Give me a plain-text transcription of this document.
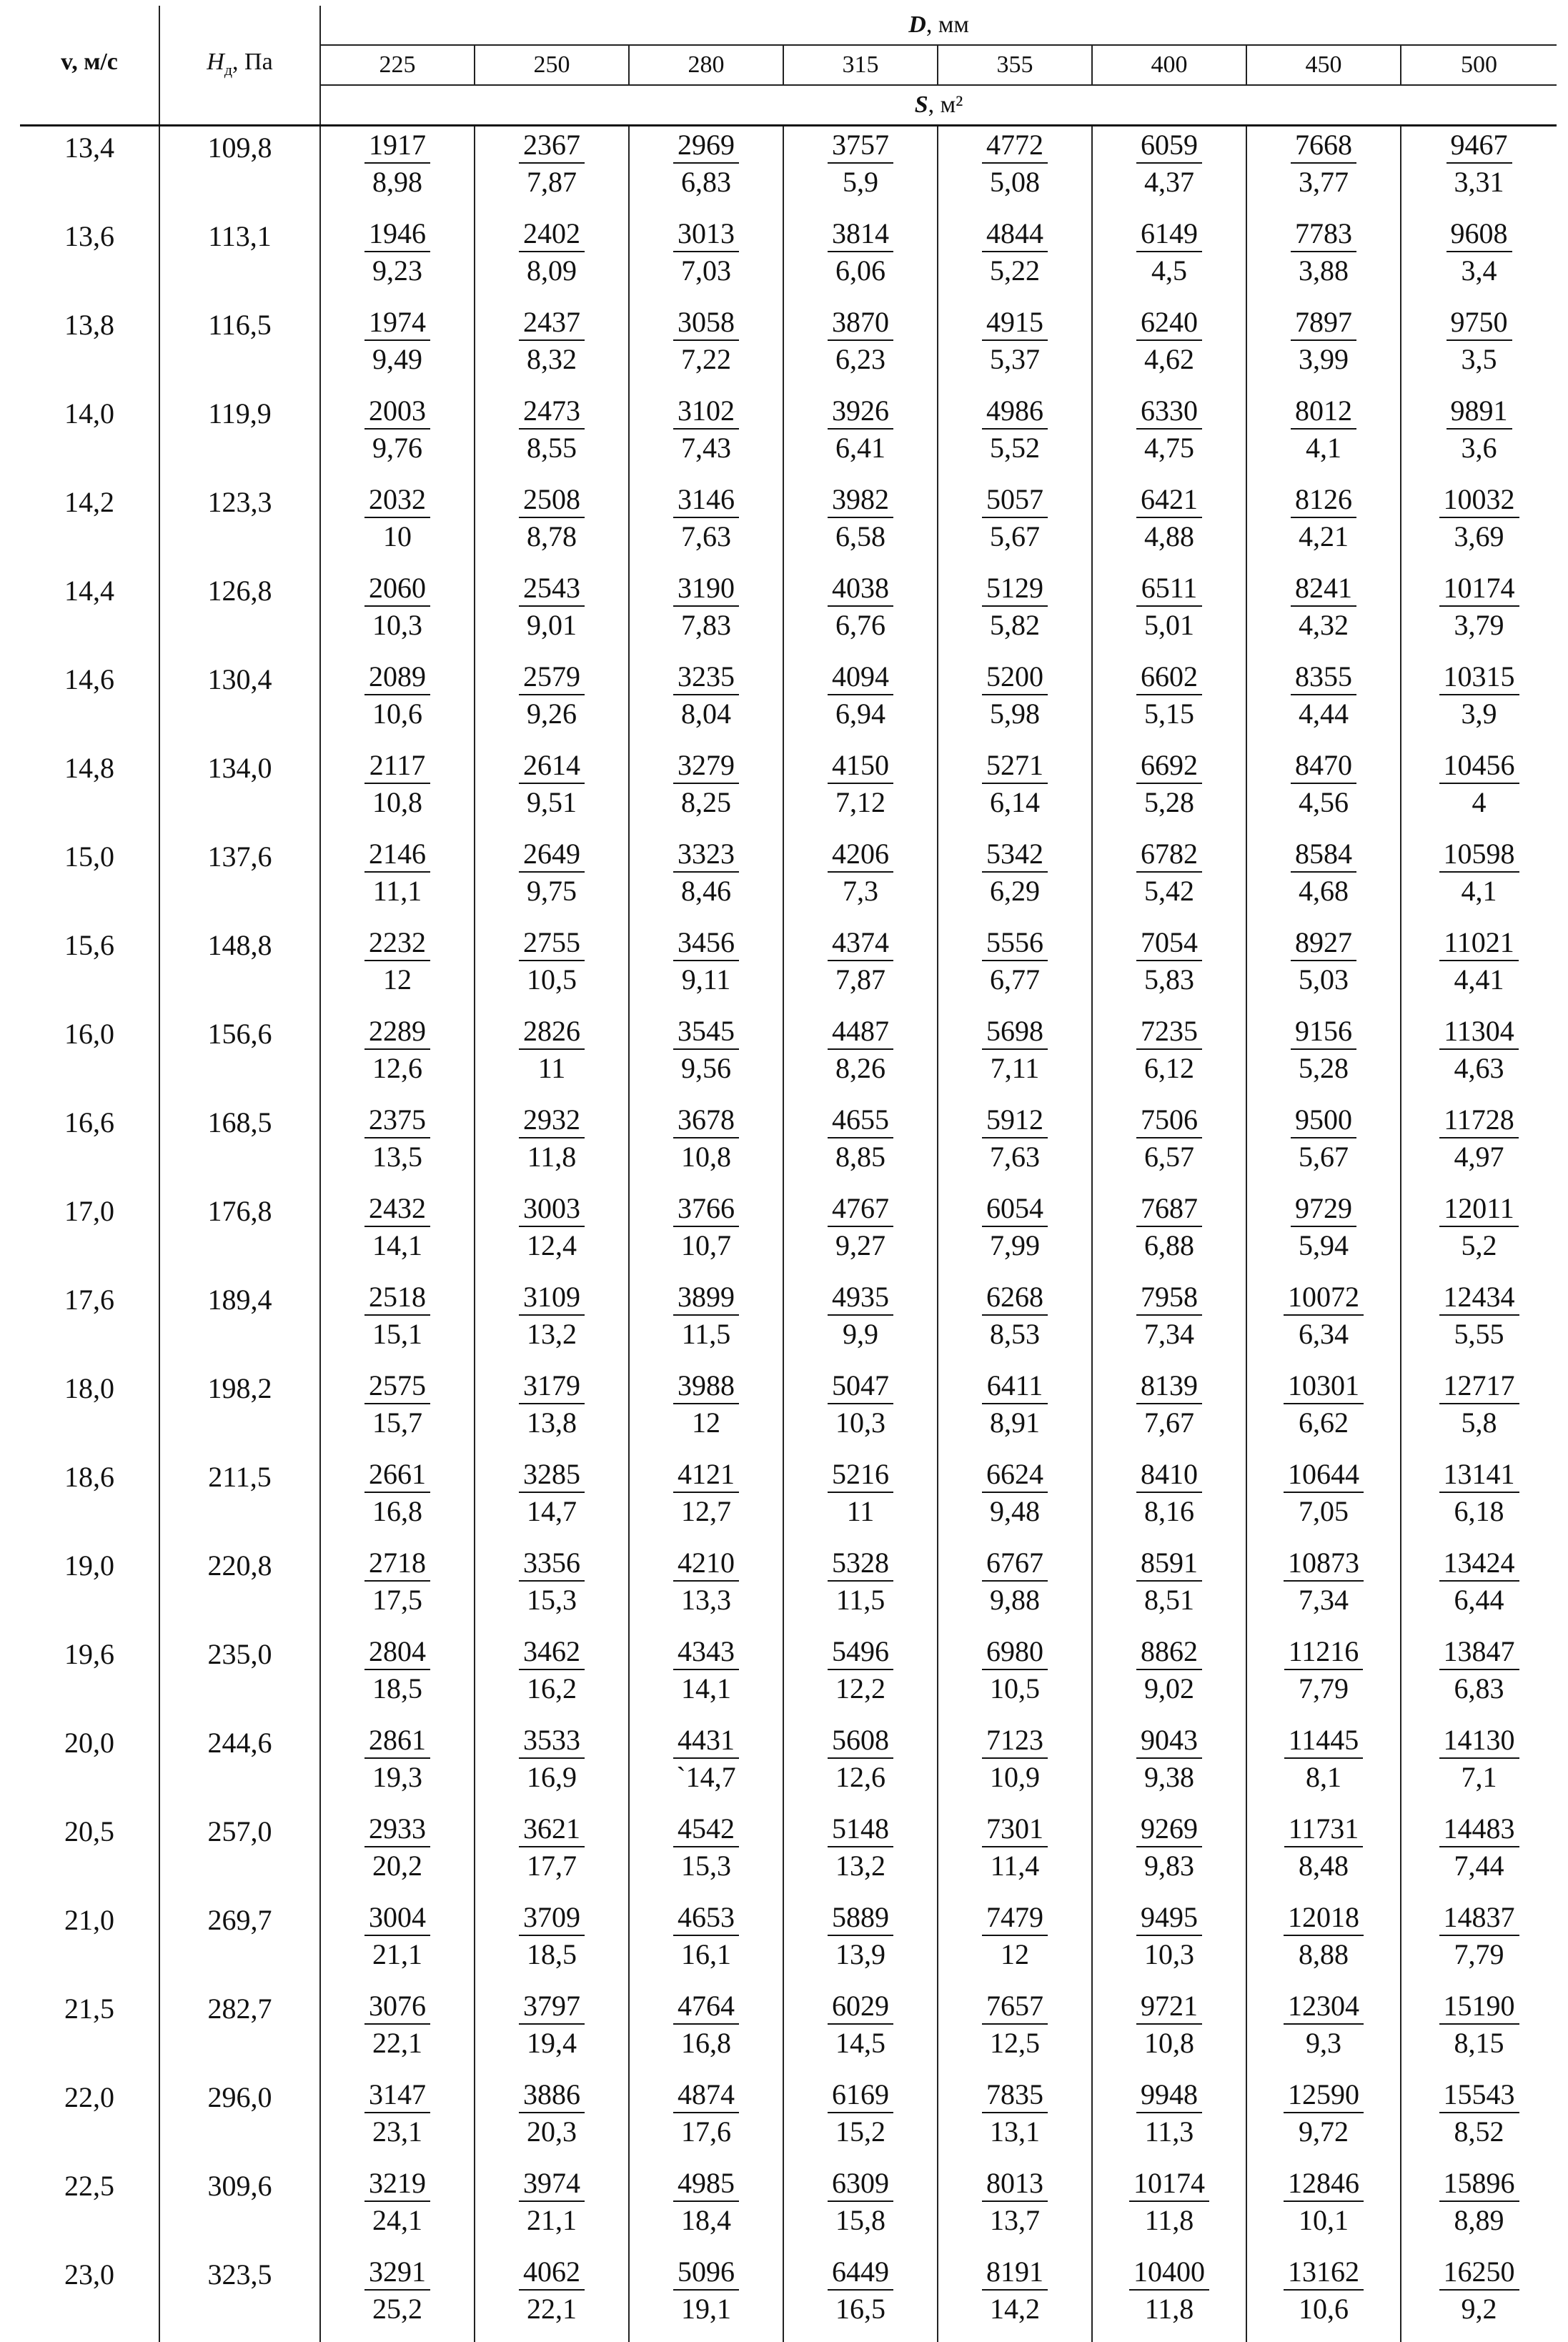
v, м/с	$H_д$, Па	D, мм							
		225	250	280	315	355	400	450	500
		S, м²							
13,4	109,8	$\frac{1917}{8,98}$	$\frac{2367}{7,87}$	$\frac{2969}{6,83}$	$\frac{3757}{5,9}$	$\frac{4772}{5,08}$	$\frac{6059}{4,37}$	$\frac{7668}{3,77}$	$\frac{9467}{3,31}$

13,6	113,1	$\frac{1946}{9,23}$	$\frac{2402}{8,09}$	$\frac{3013}{7,03}$	$\frac{3814}{6,06}$	$\frac{4844}{5,22}$	$\frac{6149}{4,5}$	$\frac{7783}{3,88}$	$\frac{9608}{3,4}$

13,8	116,5	$\frac{1974}{9,49}$	$\frac{2437}{8,32}$	$\frac{3058}{7,22}$	$\frac{3870}{6,23}$	$\frac{4915}{5,37}$	$\frac{6240}{4,62}$	$\frac{7897}{3,99}$	$\frac{9750}{3,5}$

14,0	119,9	$\frac{2003}{9,76}$	$\frac{2473}{8,55}$	$\frac{3102}{7,43}$	$\frac{3926}{6,41}$	$\frac{4986}{5,52}$	$\frac{6330}{4,75}$	$\frac{8012}{4,1}$	$\frac{9891}{3,6}$

14,2	123,3	$\frac{2032}{10}$	$\frac{2508}{8,78}$	$\frac{3146}{7,63}$	$\frac{3982}{6,58}$	$\frac{5057}{5,67}$	$\frac{6421}{4,88}$	$\frac{8126}{4,21}$	$\frac{10032}{3,69}$

14,4	126,8	$\frac{2060}{10,3}$	$\frac{2543}{9,01}$	$\frac{3190}{7,83}$	$\frac{4038}{6,76}$	$\frac{5129}{5,82}$	$\frac{6511}{5,01}$	$\frac{8241}{4,32}$	$\frac{10174}{3,79}$

14,6	130,4	$\frac{2089}{10,6}$	$\frac{2579}{9,26}$	$\frac{3235}{8,04}$	$\frac{4094}{6,94}$	$\frac{5200}{5,98}$	$\frac{6602}{5,15}$	$\frac{8355}{4,44}$	$\frac{10315}{3,9}$

14,8	134,0	$\frac{2117}{10,8}$	$\frac{2614}{9,51}$	$\frac{3279}{8,25}$	$\frac{4150}{7,12}$	$\frac{5271}{6,14}$	$\frac{6692}{5,28}$	$\frac{8470}{4,56}$	$\frac{10456}{4}$

15,0	137,6	$\frac{2146}{11,1}$	$\frac{2649}{9,75}$	$\frac{3323}{8,46}$	$\frac{4206}{7,3}$	$\frac{5342}{6,29}$	$\frac{6782}{5,42}$	$\frac{8584}{4,68}$	$\frac{10598}{4,1}$

15,6	148,8	$\frac{2232}{12}$	$\frac{2755}{10,5}$	$\frac{3456}{9,11}$	$\frac{4374}{7,87}$	$\frac{5556}{6,77}$	$\frac{7054}{5,83}$	$\frac{8927}{5,03}$	$\frac{11021}{4,41}$

16,0	156,6	$\frac{2289}{12,6}$	$\frac{2826}{11}$	$\frac{3545}{9,56}$	$\frac{4487}{8,26}$	$\frac{5698}{7,11}$	$\frac{7235}{6,12}$	$\frac{9156}{5,28}$	$\frac{11304}{4,63}$

16,6	168,5	$\frac{2375}{13,5}$	$\frac{2932}{11,8}$	$\frac{3678}{10,8}$	$\frac{4655}{8,85}$	$\frac{5912}{7,63}$	$\frac{7506}{6,57}$	$\frac{9500}{5,67}$	$\frac{11728}{4,97}$

17,0	176,8	$\frac{2432}{14,1}$	$\frac{3003}{12,4}$	$\frac{3766}{10,7}$	$\frac{4767}{9,27}$	$\frac{6054}{7,99}$	$\frac{7687}{6,88}$	$\frac{9729}{5,94}$	$\frac{12011}{5,2}$

17,6	189,4	$\frac{2518}{15,1}$	$\frac{3109}{13,2}$	$\frac{3899}{11,5}$	$\frac{4935}{9,9}$	$\frac{6268}{8,53}$	$\frac{7958}{7,34}$	$\frac{10072}{6,34}$	$\frac{12434}{5,55}$

18,0	198,2	$\frac{2575}{15,7}$	$\frac{3179}{13,8}$	$\frac{3988}{12}$	$\frac{5047}{10,3}$	$\frac{6411}{8,91}$	$\frac{8139}{7,67}$	$\frac{10301}{6,62}$	$\frac{12717}{5,8}$

18,6	211,5	$\frac{2661}{16,8}$	$\frac{3285}{14,7}$	$\frac{4121}{12,7}$	$\frac{5216}{11}$	$\frac{6624}{9,48}$	$\frac{8410}{8,16}$	$\frac{10644}{7,05}$	$\frac{13141}{6,18}$

19,0	220,8	$\frac{2718}{17,5}$	$\frac{3356}{15,3}$	$\frac{4210}{13,3}$	$\frac{5328}{11,5}$	$\frac{6767}{9,88}$	$\frac{8591}{8,51}$	$\frac{10873}{7,34}$	$\frac{13424}{6,44}$

19,6	235,0	$\frac{2804}{18,5}$	$\frac{3462}{16,2}$	$\frac{4343}{14,1}$	$\frac{5496}{12,2}$	$\frac{6980}{10,5}$	$\frac{8862}{9,02}$	$\frac{11216}{7,79}$	$\frac{13847}{6,83}$

20,0	244,6	$\frac{2861}{19,3}$	$\frac{3533}{16,9}$	$\frac{4431}{`14,7}$	$\frac{5608}{12,6}$	$\frac{7123}{10,9}$	$\frac{9043}{9,38}$	$\frac{11445}{8,1}$	$\frac{14130}{7,1}$

20,5	257,0	$\frac{2933}{20,2}$	$\frac{3621}{17,7}$	$\frac{4542}{15,3}$	$\frac{5148}{13,2}$	$\frac{7301}{11,4}$	$\frac{9269}{9,83}$	$\frac{11731}{8,48}$	$\frac{14483}{7,44}$

21,0	269,7	$\frac{3004}{21,1}$	$\frac{3709}{18,5}$	$\frac{4653}{16,1}$	$\frac{5889}{13,9}$	$\frac{7479}{12}$	$\frac{9495}{10,3}$	$\frac{12018}{8,88}$	$\frac{14837}{7,79}$

21,5	282,7	$\frac{3076}{22,1}$	$\frac{3797}{19,4}$	$\frac{4764}{16,8}$	$\frac{6029}{14,5}$	$\frac{7657}{12,5}$	$\frac{9721}{10,8}$	$\frac{12304}{9,3}$	$\frac{15190}{8,15}$

22,0	296,0	$\frac{3147}{23,1}$	$\frac{3886}{20,3}$	$\frac{4874}{17,6}$	$\frac{6169}{15,2}$	$\frac{7835}{13,1}$	$\frac{9948}{11,3}$	$\frac{12590}{9,72}$	$\frac{15543}{8,52}$

22,5	309,6	$\frac{3219}{24,1}$	$\frac{3974}{21,1}$	$\frac{4985}{18,4}$	$\frac{6309}{15,8}$	$\frac{8013}{13,7}$	$\frac{10174}{11,8}$	$\frac{12846}{10,1}$	$\frac{15896}{8,89}$

23,0	323,5	$\frac{3291}{25,2}$	$\frac{4062}{22,1}$	$\frac{5096}{19,1}$	$\frac{6449}{16,5}$	$\frac{8191}{14,2}$	$\frac{10400}{11,8}$	$\frac{13162}{10,6}$	$\frac{16250}{9,2}$
